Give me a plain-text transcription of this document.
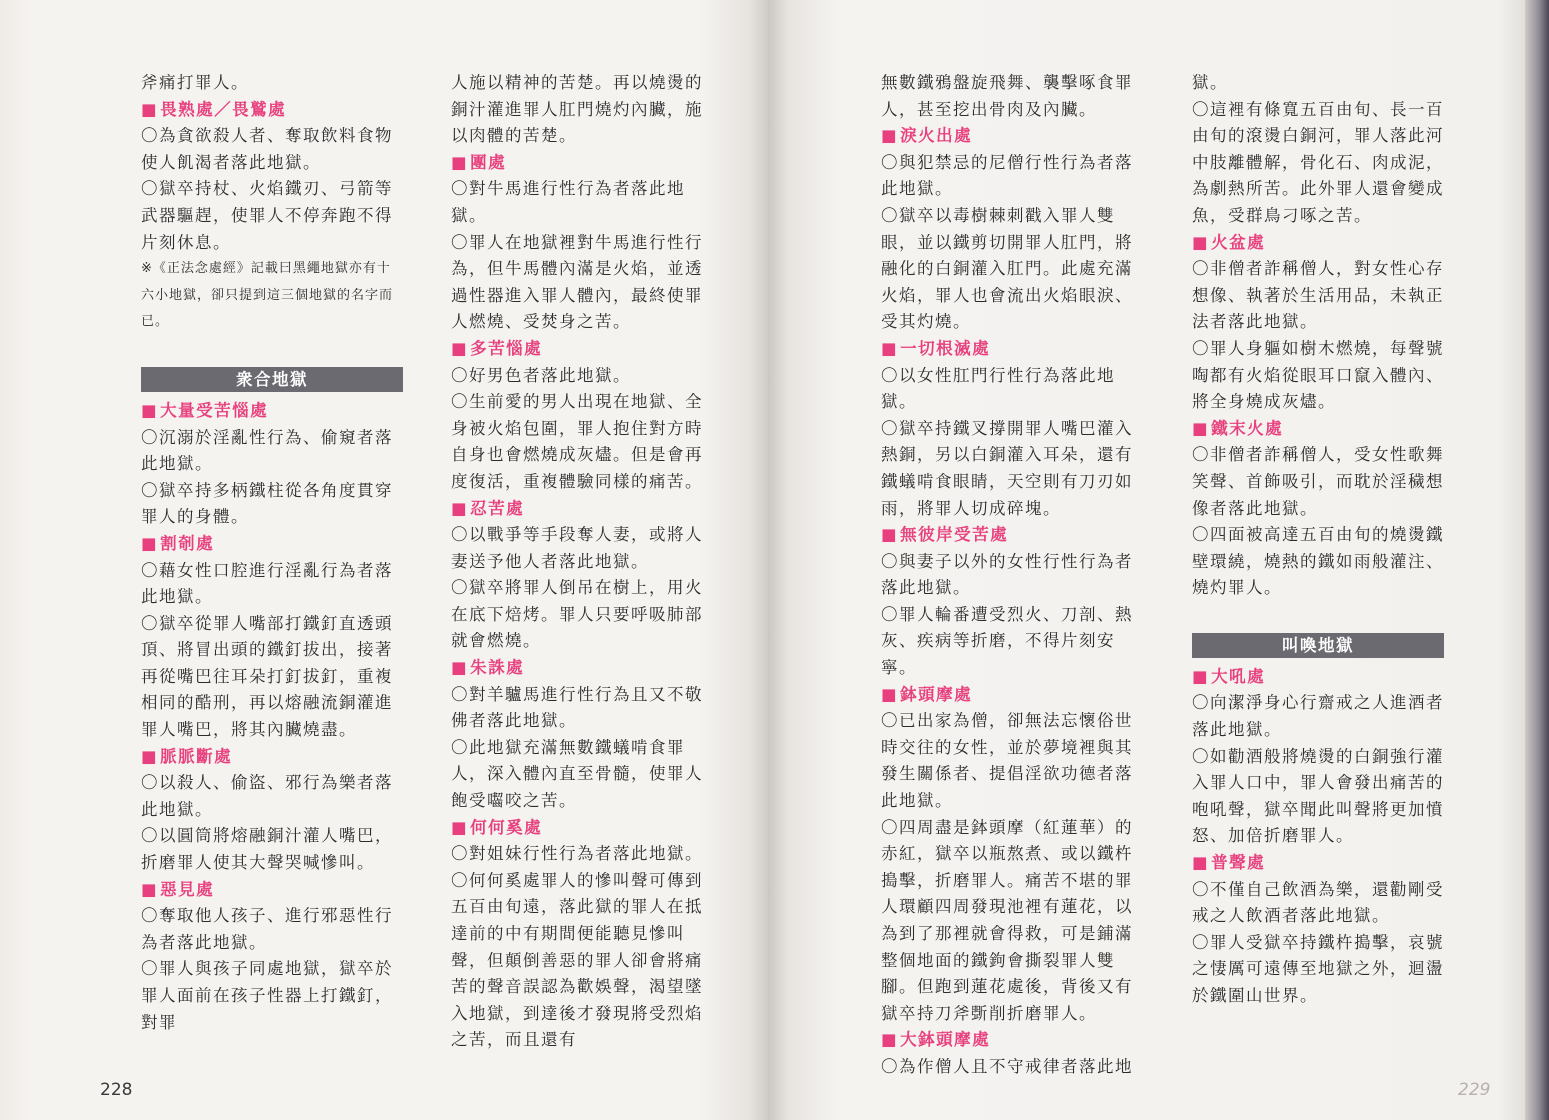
斧痛打罪人。

■ 畏熟處／畏鷲處

〇為貪欲殺人者、奪取飲料食物使人飢渴者落此地獄。

〇獄卒持杖、火焰鐵刃、弓箭等武器驅趕，使罪人不停奔跑不得片刻休息。

※《正法念處經》記載曰黑繩地獄亦有十六小地獄，卻只提到這三個地獄的名字而已。

衆合地獄

■ 大量受苦惱處

〇沉溺於淫亂性行為、偷窺者落此地獄。

〇獄卒持多柄鐵柱從各角度貫穿罪人的身體。

■ 割剞處

〇藉女性口腔進行淫亂行為者落此地獄。

〇獄卒從罪人嘴部打鐵釘直透頭頂、將冒出頭的鐵釘拔出，接著再從嘴巴往耳朵打釘拔釘，重複相同的酷刑，再以熔融流銅灌進罪人嘴巴，將其內臟燒盡。

■ 脈脈斷處

〇以殺人、偷盜、邪行為樂者落此地獄。

〇以圓筒將熔融銅汁灌人嘴巴，折磨罪人使其大聲哭喊慘叫。

■ 惡見處

〇奪取他人孩子、進行邪惡性行為者落此地獄。

〇罪人與孩子同處地獄，獄卒於罪人面前在孩子性器上打鐵釘，對罪

人施以精神的苦楚。再以燒燙的銅汁灌進罪人肛門燒灼內臟，施以肉體的苦楚。

■ 團處

〇對牛馬進行性行為者落此地獄。

〇罪人在地獄裡對牛馬進行性行為，但牛馬體內滿是火焰，並透過性器進入罪人體內，最終使罪人燃燒、受焚身之苦。

■ 多苦惱處

〇好男色者落此地獄。

〇生前愛的男人出現在地獄、全身被火焰包圍，罪人抱住對方時自身也會燃燒成灰燼。但是會再度復活，重複體驗同樣的痛苦。

■ 忍苦處

〇以戰爭等手段奪人妻，或將人妻送予他人者落此地獄。

〇獄卒將罪人倒吊在樹上，用火在底下焙烤。罪人只要呼吸肺部就會燃燒。

■ 朱誅處

〇對羊驢馬進行性行為且又不敬佛者落此地獄。

〇此地獄充滿無數鐵蟻啃食罪人，深入體內直至骨髓，使罪人飽受囓咬之苦。

■ 何何奚處

〇對姐妹行性行為者落此地獄。

〇何何奚處罪人的慘叫聲可傳到五百由旬遠，落此獄的罪人在抵達前的中有期間便能聽見慘叫聲，但顛倒善惡的罪人卻會將痛苦的聲音誤認為歡娛聲，渴望墜入地獄，到達後才發現將受烈焰之苦，而且還有

228

無數鐵鴉盤旋飛舞、襲擊啄食罪人，甚至挖出骨肉及內臟。

■ 淚火出處

〇與犯禁忌的尼僧行性行為者落此地獄。

〇獄卒以毒樹棘刺戳入罪人雙眼，並以鐵剪切開罪人肛門，將融化的白銅灌入肛門。此處充滿火焰，罪人也會流出火焰眼淚、受其灼燒。

■ 一切根滅處

〇以女性肛門行性行為落此地獄。

〇獄卒持鐵叉撐開罪人嘴巴灌入熱銅，另以白銅灌入耳朵，還有鐵蟻啃食眼睛，天空則有刀刃如雨，將罪人切成碎塊。

■ 無彼岸受苦處

〇與妻子以外的女性行性行為者落此地獄。

〇罪人輪番遭受烈火、刀剖、熱灰、疾病等折磨，不得片刻安寧。

■ 鉢頭摩處

〇已出家為僧，卻無法忘懷俗世時交往的女性，並於夢境裡與其發生關係者、提倡淫欲功德者落此地獄。

〇四周盡是鉢頭摩（紅蓮華）的赤紅，獄卒以瓶熬煮、或以鐵杵搗擊，折磨罪人。痛苦不堪的罪人環顧四周發現池裡有蓮花，以為到了那裡就會得救，可是鋪滿整個地面的鐵鉤會撕裂罪人雙腳。但跑到蓮花處後，背後又有獄卒持刀斧斲削折磨罪人。

■ 大鉢頭摩處

〇為作僧人且不守戒律者落此地

獄。

〇這裡有條寬五百由旬、長一百由旬的滾燙白銅河，罪人落此河中肢離體解，骨化石、肉成泥，為劇熱所苦。此外罪人還會變成魚，受群鳥刁啄之苦。

■ 火盆處

〇非僧者詐稱僧人，對女性心存想像、執著於生活用品，未執正法者落此地獄。

〇罪人身軀如樹木燃燒，每聲號啕都有火焰從眼耳口竄入體內、將全身燒成灰燼。

■ 鐵末火處

〇非僧者詐稱僧人，受女性歌舞笑聲、首飾吸引，而耽於淫穢想像者落此地獄。

〇四面被高達五百由旬的燒燙鐵壁環繞，燒熱的鐵如雨般灌注、燒灼罪人。

叫喚地獄

■ 大吼處

〇向潔淨身心行齋戒之人進酒者落此地獄。

〇如勸酒般將燒燙的白銅強行灌入罪人口中，罪人會發出痛苦的咆吼聲，獄卒聞此叫聲將更加憤怒、加倍折磨罪人。

■ 普聲處

〇不僅自己飲酒為樂，還勸剛受戒之人飲酒者落此地獄。

〇罪人受獄卒持鐵杵搗擊，哀號之悽厲可遠傳至地獄之外，迴盪於鐵圍山世界。

229
